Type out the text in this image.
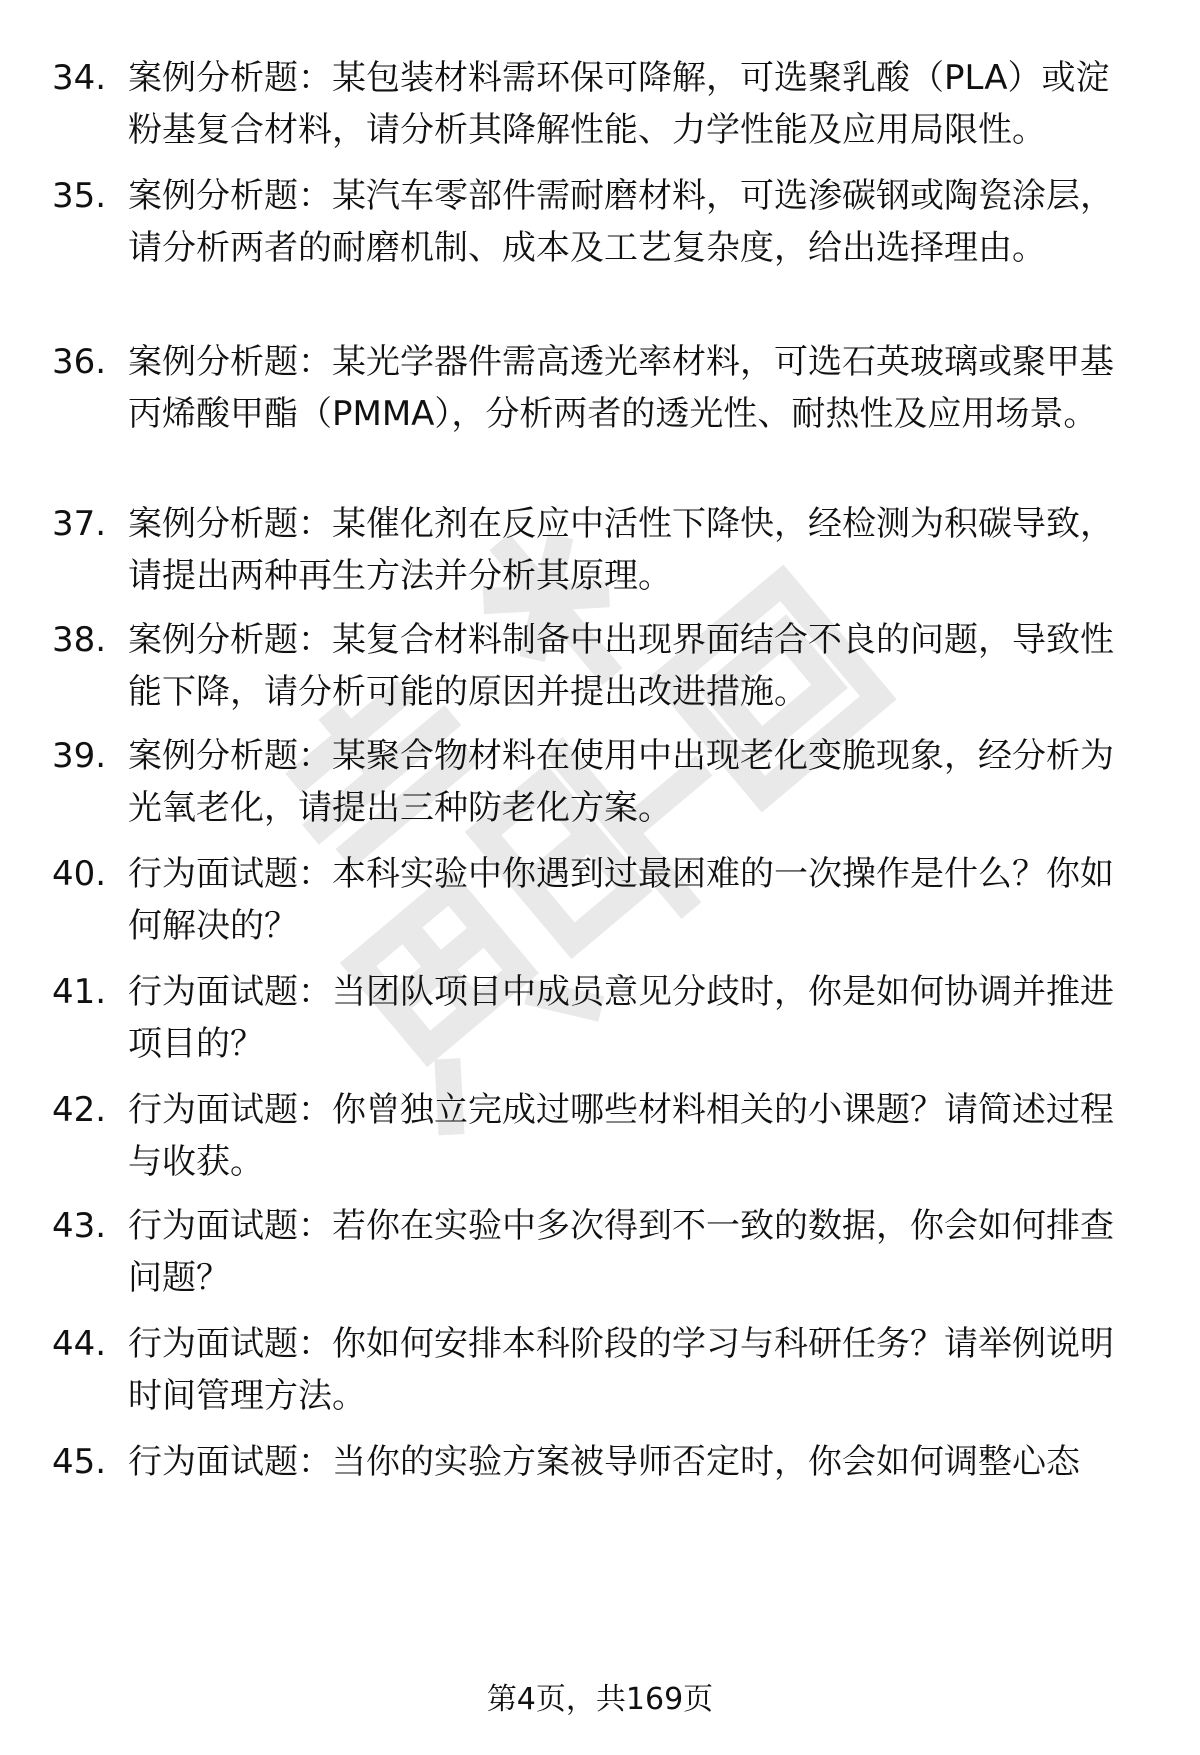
34. 案例分析题：某包装材料需环保可降解，可选聚乳酸（PLA）或淀粉基复合材料，请分析其降解性能、力学性能及应用局限性。
35. 案例分析题：某汽车零部件需耐磨材料，可选渗碳钢或陶瓷涂层，请分析两者的耐磨机制、成本及工艺复杂度，给出选择理由。
36. 案例分析题：某光学器件需高透光率材料，可选石英玻璃或聚甲基丙烯酸甲酯（PMMA），分析两者的透光性、耐热性及应用场景。
37. 案例分析题：某催化剂在反应中活性下降快，经检测为积碳导致，请提出两种再生方法并分析其原理。
38. 案例分析题：某复合材料制备中出现界面结合不良的问题，导致性能下降，请分析可能的原因并提出改进措施。
39. 案例分析题：某聚合物材料在使用中出现老化变脆现象，经分析为光氧老化，请提出三种防老化方案。
40. 行为面试题：本科实验中你遇到过最困难的一次操作是什么？你如何解决的？
41. 行为面试题：当团队项目中成员意见分歧时，你是如何协调并推进项目的？
42. 行为面试题：你曾独立完成过哪些材料相关的小课题？请简述过程与收获。
43. 行为面试题：若你在实验中多次得到不一致的数据，你会如何排查问题？
44. 行为面试题：你如何安排本科阶段的学习与科研任务？请举例说明时间管理方法。
45. 行为面试题：当你的实验方案被导师否定时，你会如何调整心态
第4页，共169页
